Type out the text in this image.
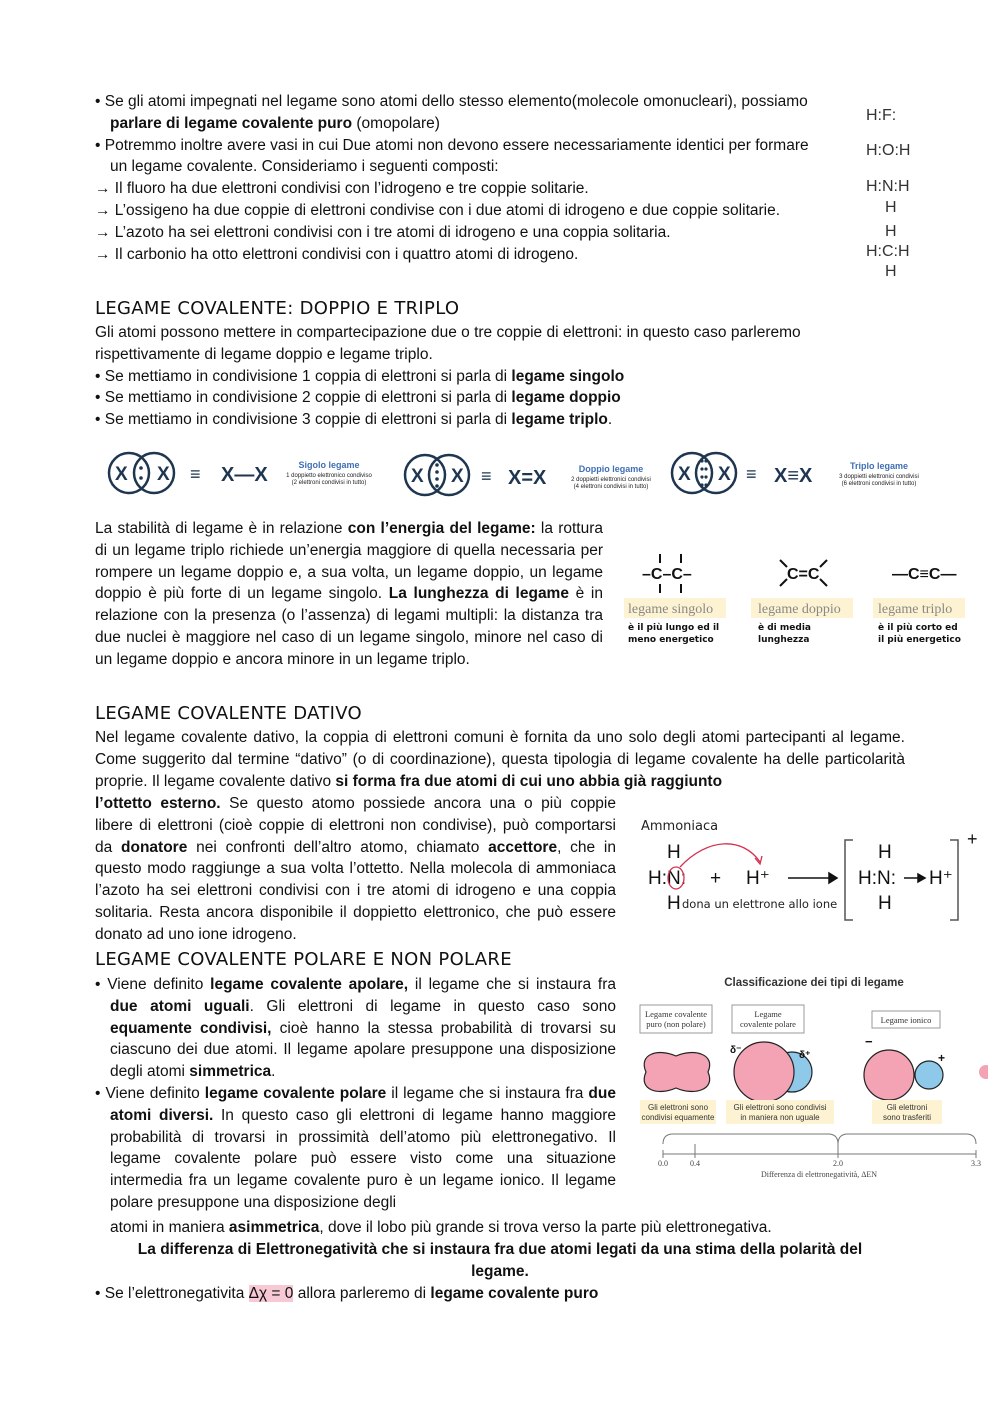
• Se gli atomi impegnati nel legame sono atomi dello stesso elemento(molecole omonucleari), possiamo parlare di legame covalente puro (omopolare)

• Potremmo inoltre avere vasi in cui Due atomi non devono essere necessariamente identici per formare un legame covalente. Consideriamo i seguenti composti:

→ Il fluoro ha due elettroni condivisi con l’idrogeno e tre coppie solitarie.

→ L’ossigeno ha due coppie di elettroni condivise con i due atomi di idrogeno e due coppie solitarie.

→ L’azoto ha sei elettroni condivisi con i tre atomi di idrogeno e una coppia solitaria.

→ Il carbonio ha otto elettroni condivisi con i quattro atomi di idrogeno.

H:F:
H:O:H
H:N:H
H
H
H:C:H
H
LEGAME COVALENTE: DOPPIO E TRIPLO

Gli atomi possono mettere in compartecipazione due o tre coppie di elettroni: in questo caso parleremo rispettivamente di legame doppio e legame triplo.

• Se mettiamo in condivisione 1 coppia di elettroni si parla di legame singolo

• Se mettiamo in condivisione 2 coppie di elettroni si parla di legame doppio

• Se mettiamo in condivisione 3 coppie di elettroni si parla di legame triplo.

X X	X X	X X
≡	≡	≡
X—X	X=X	X≡X
Sigolo legame
1 doppietto elettronico condiviso
(2 elettroni condivisi in tutto)
Doppio legame
2 doppietti elettronici condivisi
(4 elettroni condivisi in tutto)
Triplo legame
3 doppietti elettronici condivisi
(6 elettroni condivisi in tutto)
La stabilità di legame è in relazione con l’energia del legame: la rottura di un legame triplo richiede un’energia maggiore di quella necessaria per rompere un legame doppio e, a sua volta, un legame doppio, un legame doppio è più forte di un legame singolo. La lunghezza di legame è in relazione con la presenza (o l’assenza) di legami multipli: la distanza tra due nuclei è maggiore nel caso di un legame singolo, minore nel caso di un legame doppio e ancora minore in un legame triplo.
–C–C–	C=C	—C≡C—
legame singolo	legame doppio	legame triplo
è il più lungo ed il
meno energetico
è di media
lunghezza
è il più corto ed
il più energetico
LEGAME COVALENTE DATIVO
Nel legame covalente dativo, la coppia di elettroni comuni è fornita da uno solo degli atomi partecipanti al legame. Come suggerito dal termine “dativo” (o di coordinazione), questa tipologia di legame covalente ha delle particolarità proprie. Il legame covalente dativo si forma fra due atomi di cui uno abbia già raggiunto
l’ottetto esterno. Se questo atomo possiede ancora una o più coppie libere di elettroni (cioè coppie di elettroni non condivise), può comportarsi da donatore nei confronti dell’altro atomo, chiamato accettore, che in questo modo raggiunge a sua volta l’ottetto. Nella molecola di ammoniaca l’azoto ha sei elettroni condivisi con i tre atomi di idrogeno e una coppia solitaria. Resta ancora disponibile il doppietto elettronico, che può essere donato ad uno ione idrogeno.
Ammoniaca
H
H:N:
H
+ H⁺
H
H:N:
H
H⁺
+
dona un elettrone allo ione
LEGAME COVALENTE POLARE E NON POLARE

• Viene definito legame covalente apolare, il legame che si instaura fra due atomi uguali. Gli elettroni di legame in questo caso sono equamente condivisi, cioè hanno la stessa probabilità di trovarsi su ciascuno dei due atomi. Il legame apolare presuppone una disposizione degli atomi simmetrica.

• Viene definito legame covalente polare il legame che si instaura fra due atomi diversi. In questo caso gli elettroni di legame hanno maggiore probabilità di trovarsi in prossimità dell’atomo più elettronegativo. Il legame covalente polare può essere visto come una situazione intermedia fra un legame covalente puro è un legame ionico. Il legame polare presuppone una disposizione degli

atomi in maniera asimmetrica, dove il lobo più grande si trova verso la parte più elettronegativa.
La differenza di Elettronegatività che si instaura fra due atomi legati da una stima della polarità del legame.
• Se l’elettronegativita Δχ = 0 allora parleremo di legame covalente puro
Classificazione dei tipi di legame
Legame covalente
puro (non polare)
Legame
covalente polare	Legame ionico
δ⁻	δ⁺
−
+
Gli elettroni sono
condivisi equamente
Gli elettroni sono condivisi
in maniera non uguale
Gli elettroni
sono trasferiti
0.0	0.4	2.0	3.3
Differenza di elettronegatività, ΔEN
